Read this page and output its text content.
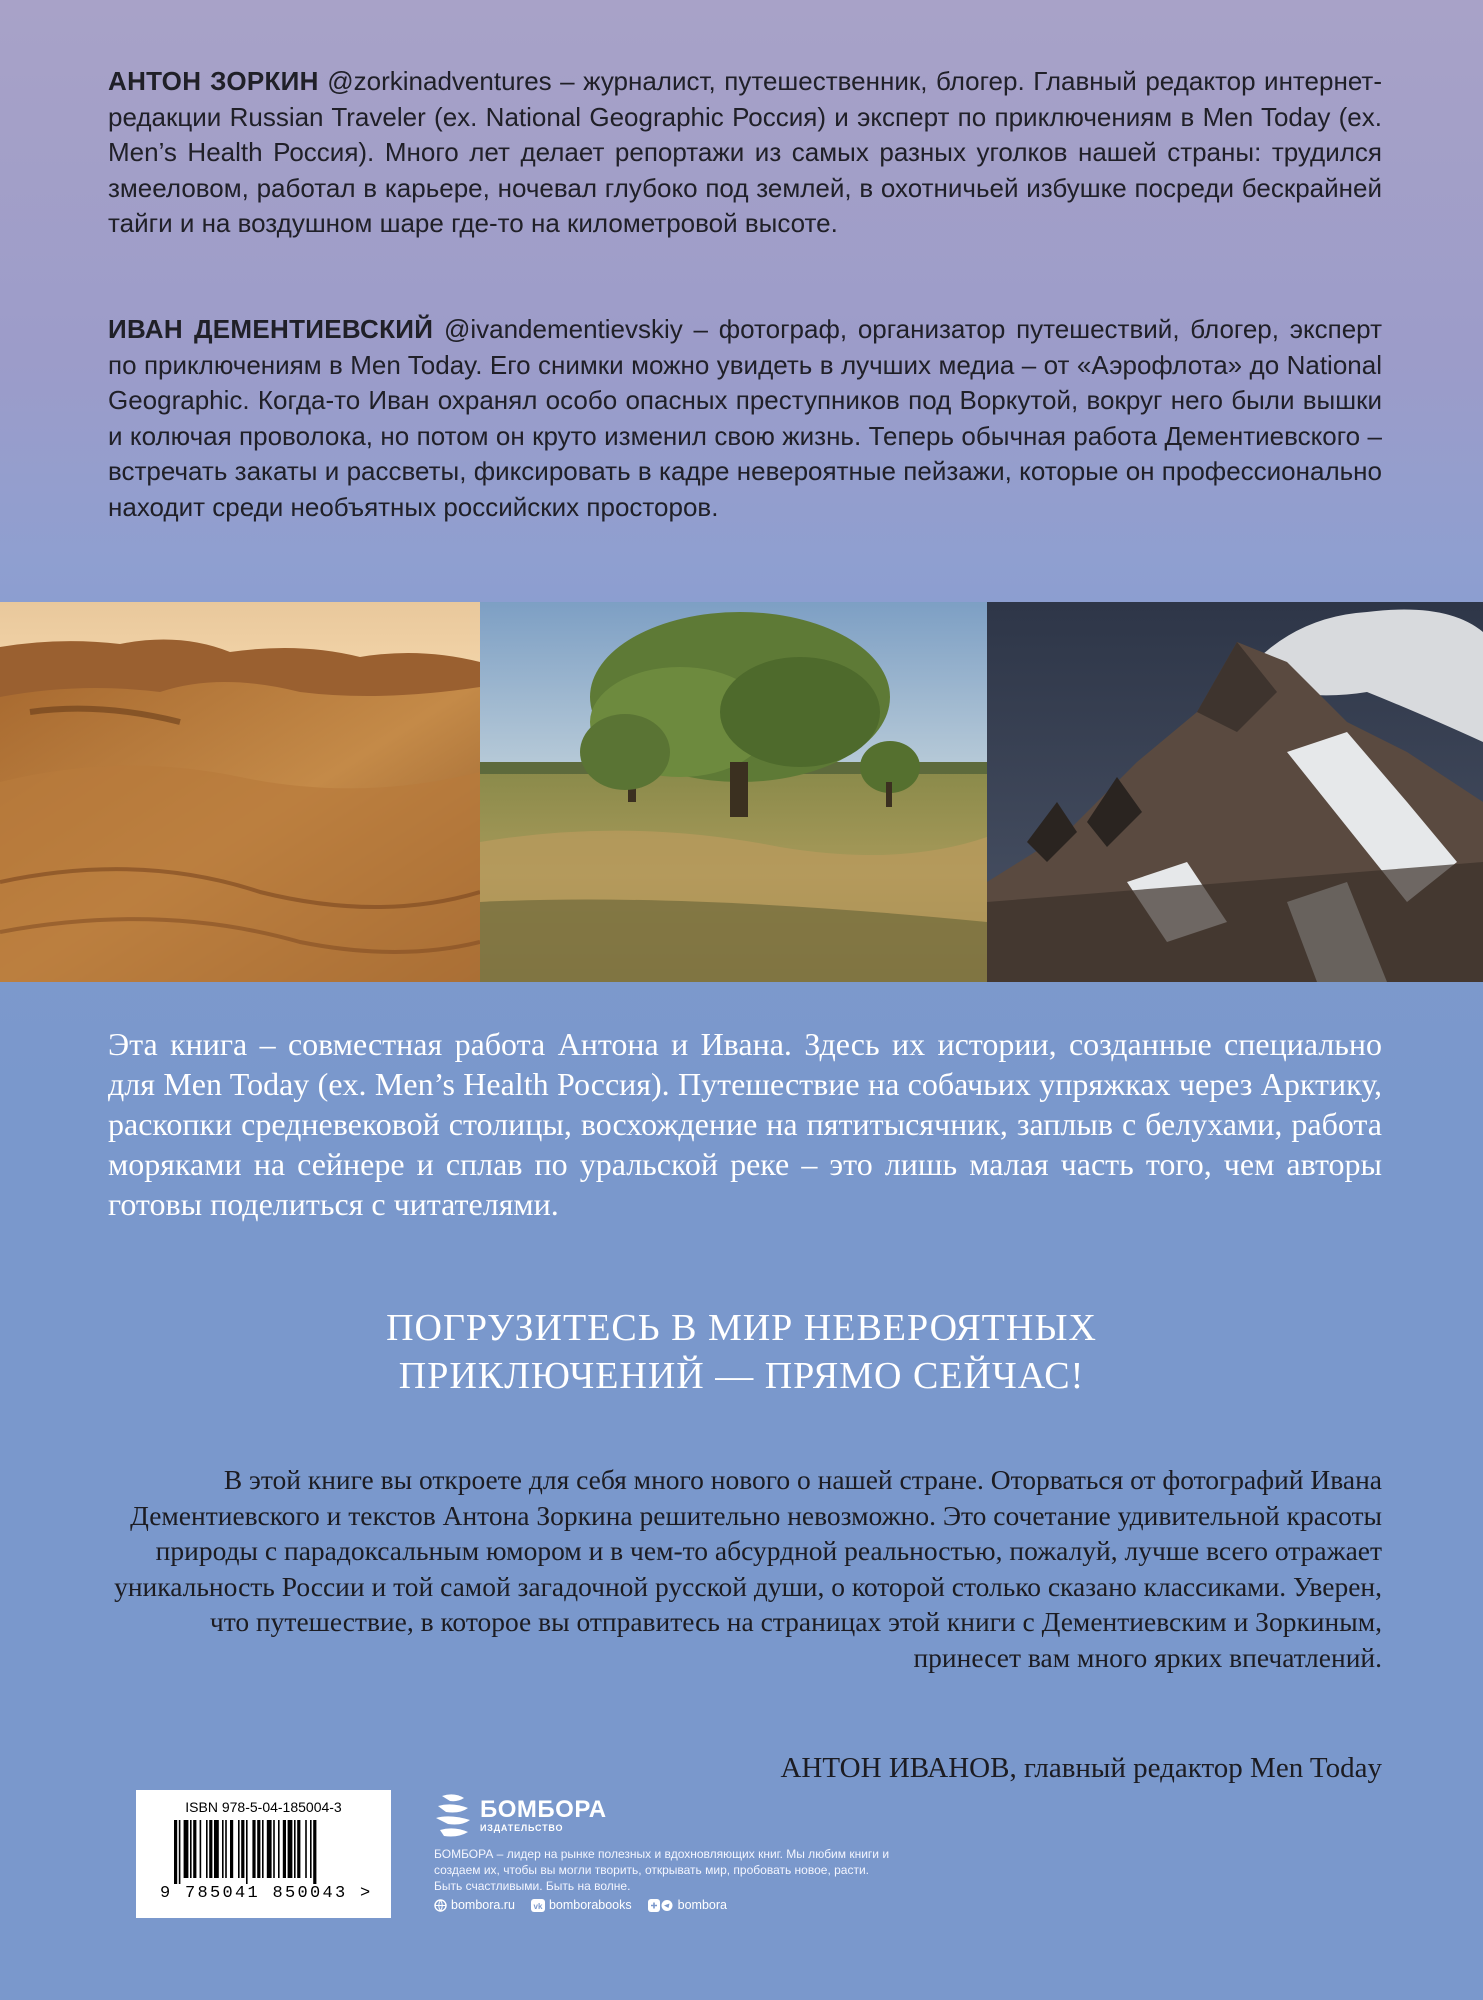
АНТОН ЗОРКИН @zorkinadventures – журналист, путешественник, блогер. Главный редактор интернет-редакции Russian Traveler (ex. National Geographic Россия) и эксперт по приключениям в Men Today (ex. Men’s Health Россия). Много лет делает репортажи из самых разных уголков нашей страны: трудился змееловом, работал в карьере, ночевал глубоко под землей, в охотничьей избушке посреди бескрайней тайги и на воздушном шаре где-то на километровой высоте.
ИВАН ДЕМЕНТИЕВСКИЙ @ivandementievskiy – фотограф, организатор путешествий, блогер, эксперт по приключениям в Men Today. Его снимки можно увидеть в лучших медиа – от «Аэрофлота» до National Geographic. Когда-то Иван охранял особо опасных преступников под Воркутой, вокруг него были вышки и колючая проволока, но потом он круто изменил свою жизнь. Теперь обычная работа Дементиевского – встречать закаты и рассветы, фиксировать в кадре невероятные пейзажи, которые он профессионально находит среди необъятных российских просторов.
Эта книга – совместная работа Антона и Ивана. Здесь их истории, созданные специально для Men Today (ex. Men’s Health Россия). Путешествие на собачьих упряжках через Арктику, раскопки средневековой столицы, восхождение на пятитысячник, заплыв с белухами, работа моряками на сейнере и сплав по уральской реке – это лишь малая часть того, чем авторы готовы поделиться с читателями.
ПОГРУЗИТЕСЬ В МИР НЕВЕРОЯТНЫХ
ПРИКЛЮЧЕНИЙ — ПРЯМО СЕЙЧАС!
В этой книге вы откроете для себя много нового о нашей стране. Оторваться от фотографий Ивана Дементиевского и текстов Антона Зоркина решительно невозможно. Это сочетание удивительной красоты природы с парадоксальным юмором и в чем-то абсурдной реальностью, пожалуй, лучше всего отражает уникальность России и той самой загадочной русской души, о которой столько сказано классиками. Уверен, что путешествие, в которое вы отправитесь на страницах этой книги с Дементиевским и Зоркиным, принесет вам много ярких впечатлений.
АНТОН ИВАНОВ, главный редактор Men Today
ISBN 978-5-04-185004-3
9 785041 850043 >
БОМБОРА
ИЗДАТЕЛЬСТВО
БОМБОРА – лидер на рынке полезных и вдохновляющих книг. Мы любим книги и создаем их, чтобы вы могли творить, открывать мир, пробовать новое, расти. Быть счастливыми. Быть на волне.
bombora.ru vk bomborabooks	bombora
